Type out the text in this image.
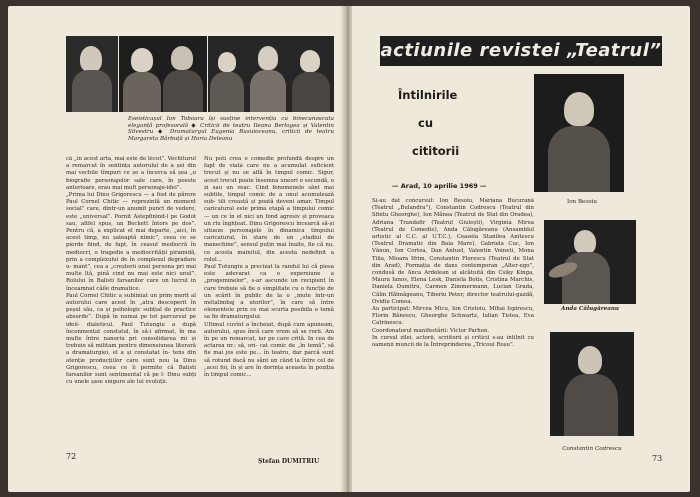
Eseisticașul Ion Toboaru își susține intervenția cu binecunoscuta eleganță profesorală ◆ Criticii de teatru Ileana Berlogea și Valentin Silvestru ◆ Dramaturgul Eugenia Busuioceanu, criticii de teatru Margareta Bărbuță și Horia Deleanu

că „în acest arta, mai este de lécut”. Vechiturul a remarcat în sentința autorului de a șei din mai vechile tîmpuri ce șe a încerca să șea „o biografie personajelor sale care, în poeste anterioare, erau mai mult personaje-idei”.

„Prima lui Dinu Grigorescu — a fost de părere Paul Cornel Chitic — reprezintă un moment social” care, dintr-un anumit punct de vedere, este „universal”. Pornit Astepfinind-l pe Godot sau, altfel spus, un Beckett întors pe dos”. Pentru că, a explicat el mai departe, „aici, în acest timp, nu șateaptă nimic”, ceea ce se pierde fiind, de fapt, în ceasul mediocră în mediocri, o tragedie a mediocrității piramidă, prin a complexului de în complexul degradare u- mant”, cea a „creșterii unui persona pri mai multe ltă, pină cind nu mai este nici unul”. Rolului în Balisti farsanilor care un lucrul in înceamnat căile dramatice.

Paul Cornel Chitic a subliniat un prim merit al autorului care acest în „atra descoperit în peșul său, ca și psihologic subțial de practice absurde”. După în numai pe tot parcursul pe ideii- dialeticul. Paul Tutungiu a după înconmentat constatul, în să-i afirmat, în ma multe între nanoriu pri consolidarea mi și trebuie să militam pentru dimensiunea literară a dramaturgiei, el a și constatat în- tens din atenție producțiilor care sunt nou la Dinu Grigorescu, ceea ce îi permite că Balisti farsanilor sunt sentimental că pe l- Dinu subți cu unele șase singure ale lui evoluții.

Nu poti crea o comedie profundă despre un fapt de viata care nu a acumulat suficient trecut și nu se află în timpul comic. Sigur, acest trecut poate însemna uneori o secundă, o zi sau un veac. Cind fenomenele sănt mai subtile, timpul comic de a unui acumulează sub- tili creastă și poată deveni amar. Timpul caricatural este prima etapă a timpului comic — un ce în el nici un fond agresiv și provoaca un rlu înghțeat. Dinu Grigorescu încearcă să-și situeze personajele în dinamica timpului caricatural, în stare de un „stadiul de manechine”, sensul puțin mai înalte, fie că nu, ce acosta mainitul, din acesta nedefinit a rolul...

Paul Tutungiu a precizat la randul lui că piesa este adevarat ca o expersiune a „progeminelor”, s-ar ascunde un recipient în care trebuie să fie o simplitate cu o funcție de un scărit în public de la o „mute într-un métalimbaj a utorilor”, în care să între elementele prin ce mai scurta posibila o temă sa fie dramaturgului.

Ultimul cuvînt a încheiat, după cum apuneam, autorului, spus încă care vrem să se rorii. Am în pe un remarcat, iar pe care crită. In cea de actarea nr.: să, ori- cat comic de „în temă”, să fie mai jos este pe... în teatru, dar parcă sunt să rotund dacă nu sănt un când la între cel de „acei foi, în și are în dorința aceasta în poziția în timpul comic...

Ștefan DUMITRIU
72
actiunile revistei „Teatrul”
Întilnirile
cu
cititorii
— Arad, 10 aprilie 1969 —
Ion Besoiu

Si-au dat concursul: Ion Besoiu, Mariana Bucurană (Teatrul „Bulandra”), Constantin Codrescu (Teatrul din Sfintu Gheorghe), Ion Mănea (Teatrul de Stat din Oradea), Adriana Trandafir (Teatrul Giulești), Virginia Mirea (Teatrul de Comedie), Anda Călugăreanu (Ansamblul artistic al C.C. al U.T.C.), Ceasela Stanilea Anitescu (Teatrul Dramatic din Baia Mare), Gabriela Cuc, Ion Vănun, Ion Cortea, Dan Antuel, Valentin Voineti, Mona Tilia, Mioara Ifrim, Constantin Florescu (Teatrul de Stat din Arad), Formația de dans contemporan „Alter-ego”, condusă de Anca Ardelean și alcătuită din Csiky Kinga, Maura Ianos, Elena Lesk, Daniela Botis, Cristina Marchis, Daniela Dumitru, Carmen Zimmermann, Lucian Grada, Călin Hălmăgeanu, Tiberiu Peter; director teatrului-gazdă, Ovidiu Comea.

Au participat: Mircea Micu, Ion Cristoiu, Mihai Ispirescu, Florin Bănescu, Gheorghe Schwartz, Iulian Tistea, Eva Catrinescu.

Coordonatorul manifestării: Victor Parhon.

In cursul zilei, actorii, scriitorii și criticii s-au intilnit cu oamenii muncii de la Întreprinderea „Tricoul Roșu”.

Anda Călugăreanu
Constantin Codrescu
73
